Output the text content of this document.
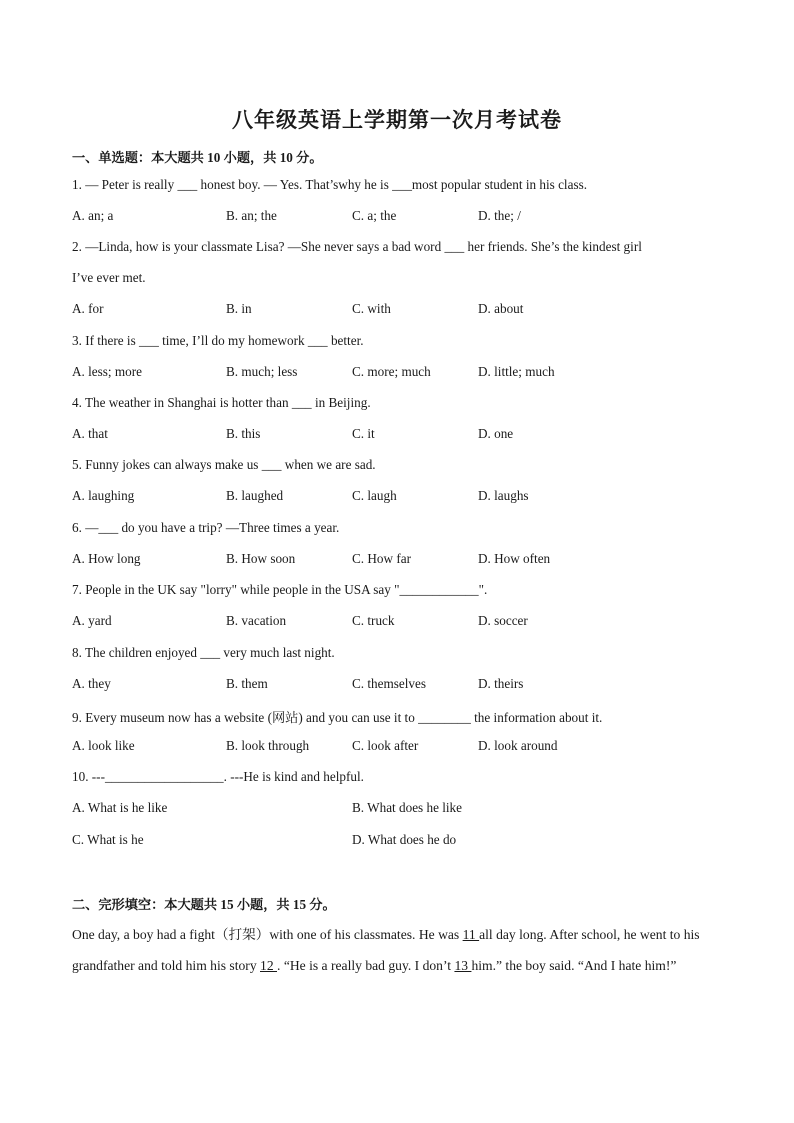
八年级英语上学期第一次月考试卷
一、单选题：本大题共 10 小题，共 10 分。
1. — Peter is really ___ honest boy. — Yes. That’swhy he is ___most popular student in his class.
A. an; a	B. an; the	C. a; the	D. the; /
2. —Linda, how is your classmate Lisa? —She never says a bad word ___ her friends. She’s the kindest girl
I’ve ever met.
A. for	B. in	C. with	D. about
3. If there is ___ time, I’ll do my homework ___ better.
A. less; more	B. much; less	C. more; much	D. little; much
4. The weather in Shanghai is hotter than ___ in Beijing.
A. that	B. this	C. it	D. one
5. Funny jokes can always make us ___ when we are sad.
A. laughing	B. laughed	C. laugh	D. laughs
6. —___ do you have a trip? —Three times a year.
A. How long	B. How soon	C. How far	D. How often
7. People in the UK say "lorry" while people in the USA say "____________".
A. yard	B. vacation	C. truck	D. soccer
8. The children enjoyed ___ very much last night.
A. they	B. them	C. themselves	D. theirs
9. Every museum now has a website (网站) and you can use it to ________ the information about it.
A. look like	B. look through	C. look after	D. look around
10. ---__________________. ---He is kind and helpful.
A. What is he like	B. What does he like
C. What is he	D. What does he do
二、完形填空：本大题共 15 小题，共 15 分。
One day, a boy had a fight（打架）with one of his classmates. He was 11 all day long. After school, he went to his grandfather and told him his story 12 . “He is a really bad guy. I don’t 13 him.” the boy said. “And I hate him!”
